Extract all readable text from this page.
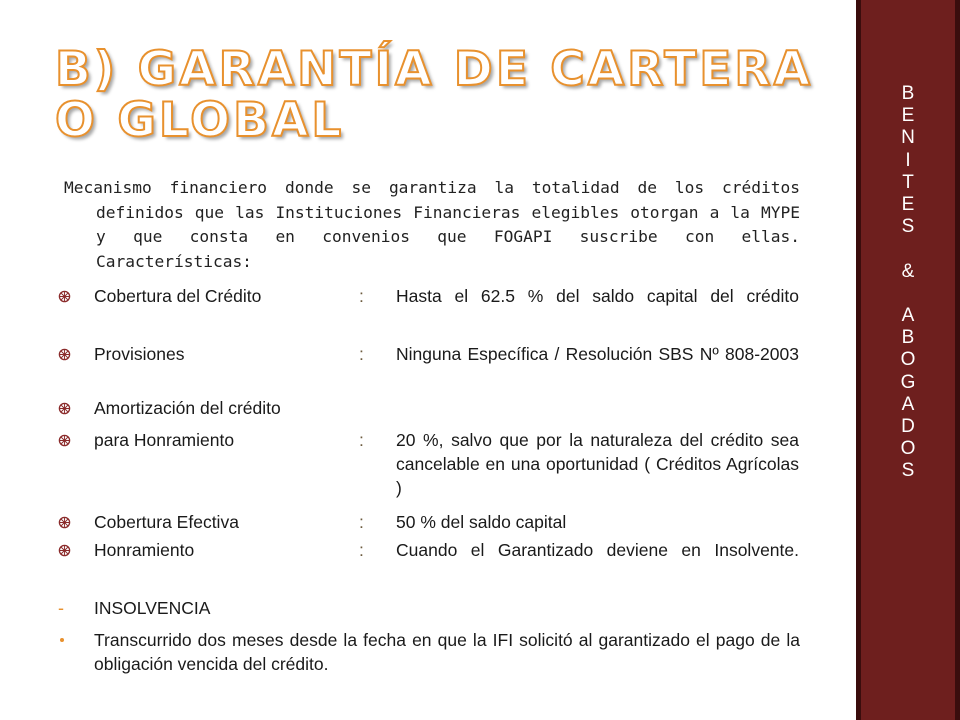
B) GARANTÍA DE CARTERA O GLOBAL

Mecanismo financiero donde se garantiza la totalidad de los créditos definidos que las Instituciones Financieras elegibles otorgan a la MYPE y que consta en convenios que FOGAPI suscribe con ellas. Características:

Cobertura del Crédito	: Hasta el 62.5 % del saldo capital del crédito
Provisiones	: Ninguna Específica / Resolución SBS Nº 808-2003
Amortización del crédito
para Honramiento	: 20 %, salvo que por la naturaleza del crédito sea cancelable en una oportunidad ( Créditos Agrícolas )
Cobertura Efectiva	: 50 % del saldo capital
Honramiento	: Cuando el Garantizado deviene en Insolvente.
- INSOLVENCIA
Transcurrido dos meses desde la fecha en que la IFI solicitó al garantizado el pago de la obligación vencida del crédito.
B
E
N
I
T
E
S

&

A
B
O
G
A
D
O
S
